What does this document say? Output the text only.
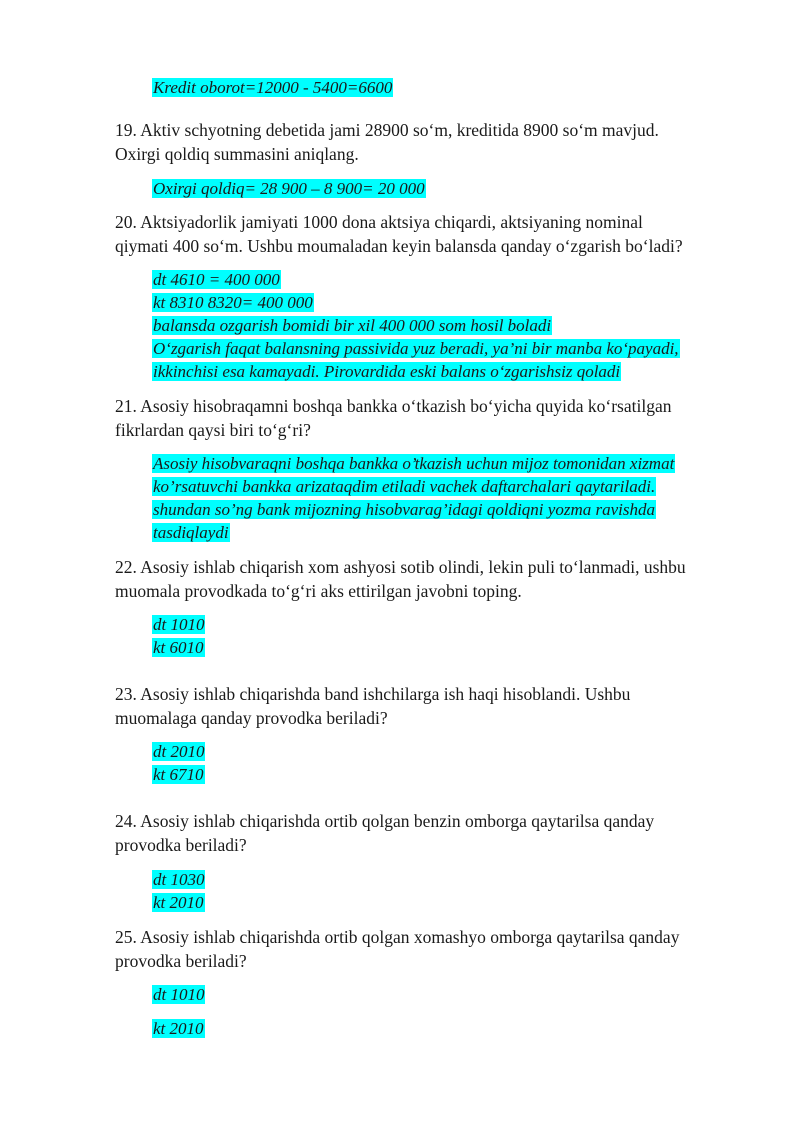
Kredit oborot=12000 - 5400=6600
19. Aktiv schyotning debetida jami 28900 so‘m, kreditida 8900 so‘m mavjud.
Oxirgi qoldiq summasini aniqlang.
Oxirgi qoldiq= 28 900 – 8 900= 20 000
20. Aktsiyadorlik jamiyati 1000 dona aktsiya chiqardi, aktsiyaning nominal
qiymati 400 so‘m. Ushbu moumaladan keyin balansda qanday o‘zgarish bo‘ladi?
dt 4610 = 400 000
kt 8310 8320= 400 000
balansda ozgarish bomidi bir xil 400 000 som hosil boladi
O‘zgarish faqat balansning passivida yuz beradi, ya’ni bir manba ko‘payadi,
ikkinchisi esa kamayadi. Pirovardida eski balans o‘zgarishsiz qoladi
21. Asosiy hisobraqamni boshqa bankka o‘tkazish bo‘yicha quyida ko‘rsatilgan
fikrlardan qaysi biri to‘g‘ri?
Asosiy hisobvaraqni boshqa bankka o’tkazish uchun mijoz tomonidan xizmat
ko’rsatuvchi bankka arizataqdim etiladi vachek daftarchalari qaytariladi.
shundan so’ng bank mijozning hisobvarag’idagi qoldiqni yozma ravishda
tasdiqlaydi
22. Asosiy ishlab chiqarish xom ashyosi sotib olindi, lekin puli to‘lanmadi, ushbu
muomala provodkada to‘g‘ri aks ettirilgan javobni toping.
dt 1010
kt 6010
23. Asosiy ishlab chiqarishda band ishchilarga ish haqi hisoblandi. Ushbu
muomalaga qanday provodka beriladi?
dt 2010
kt 6710
24. Asosiy ishlab chiqarishda ortib qolgan benzin omborga qaytarilsa qanday
provodka beriladi?
dt 1030
kt 2010
25. Asosiy ishlab chiqarishda ortib qolgan xomashyo omborga qaytarilsa qanday
provodka beriladi?
dt 1010
kt 2010
